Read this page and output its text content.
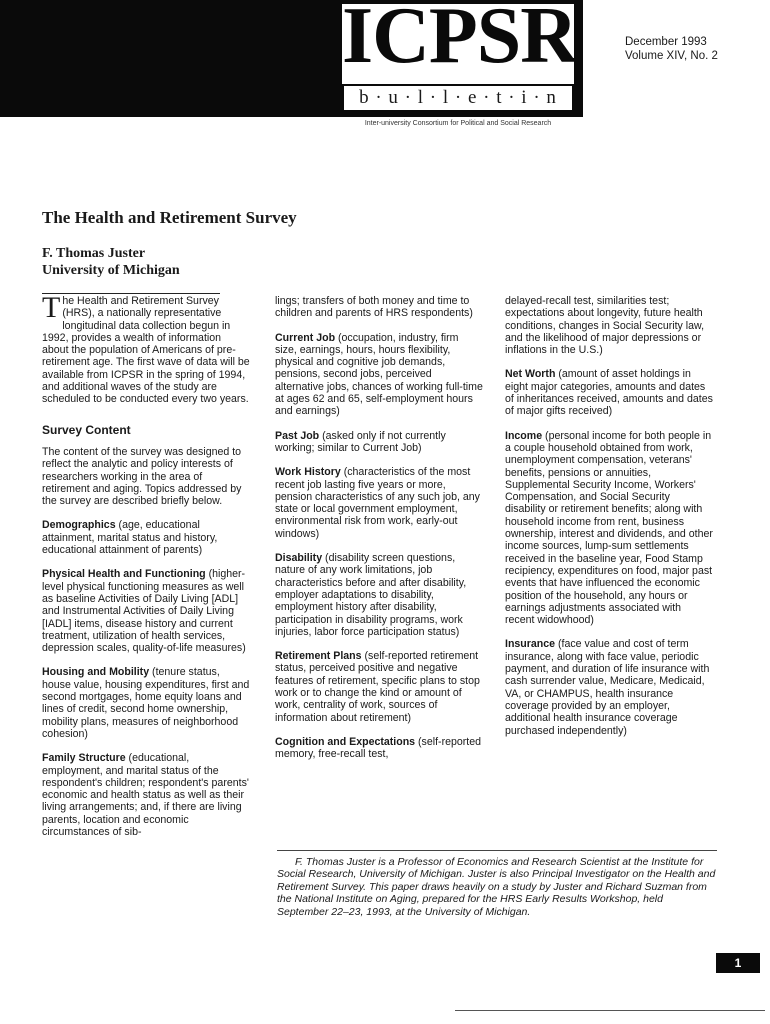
ICPSR
b · u · l · l · e · t · i · n
Inter-university Consortium for Political and Social Research
December 1993
Volume XIV, No. 2
The Health and Retirement Survey
F. Thomas Juster
University of Michigan

The Health and Retirement Survey (HRS), a nationally representative longitudinal data collection begun in 1992, provides a wealth of information about the population of Americans of pre-retirement age. The first wave of data will be available from ICPSR in the spring of 1994, and additional waves of the study are scheduled to be conducted every two years.

Survey Content

The content of the survey was designed to reflect the analytic and policy interests of researchers working in the area of retirement and aging. Topics addressed by the survey are described briefly below.

Demographics (age, educational attainment, marital status and history, educational attainment of parents)

Physical Health and Functioning (higher-level physical functioning measures as well as baseline Activities of Daily Living [ADL] and Instrumental Activities of Daily Living [IADL] items, disease history and current treatment, utilization of health services, depression scales, quality-of-life measures)

Housing and Mobility (tenure status, house value, housing expenditures, first and second mortgages, home equity loans and lines of credit, second home ownership, mobility plans, measures of neighborhood cohesion)

Family Structure (educational, employment, and marital status of the respondent's children; respondent's parents' economic and health status as well as their living arrangements; and, if there are living parents, location and economic circumstances of sib-

lings; transfers of both money and time to children and parents of HRS respondents)

Current Job (occupation, industry, firm size, earnings, hours, hours flexibility, physical and cognitive job demands, pensions, second jobs, perceived alternative jobs, chances of working full-time at ages 62 and 65, self-employment hours and earnings)

Past Job (asked only if not currently working; similar to Current Job)

Work History (characteristics of the most recent job lasting five years or more, pension characteristics of any such job, any state or local government employment, environmental risk from work, early-out windows)

Disability (disability screen questions, nature of any work limitations, job characteristics before and after disability, employer adaptations to disability, employment history after disability, participation in disability programs, work injuries, labor force participation status)

Retirement Plans (self-reported retirement status, perceived positive and negative features of retirement, specific plans to stop work or to change the kind or amount of work, centrality of work, sources of information about retirement)

Cognition and Expectations (self-reported memory, free-recall test,

delayed-recall test, similarities test; expectations about longevity, future health conditions, changes in Social Security law, and the likelihood of major depressions or inflations in the U.S.)

Net Worth (amount of asset holdings in eight major categories, amounts and dates of inheritances received, amounts and dates of major gifts received)

Income (personal income for both people in a couple household obtained from work, unemployment compensation, veterans' benefits, pensions or annuities, Supplemental Security Income, Workers' Compensation, and Social Security disability or retirement benefits; along with household income from rent, business ownership, interest and dividends, and other income sources, lump-sum settlements received in the baseline year, Food Stamp recipiency, expenditures on food, major past events that have influenced the economic position of the household, any hours or earnings adjustments associated with recent widowhood)

Insurance (face value and cost of term insurance, along with face value, periodic payment, and duration of life insurance with cash surrender value, Medicare, Medicaid, VA, or CHAMPUS, health insurance coverage provided by an employer, additional health insurance coverage purchased independently)

F. Thomas Juster is a Professor of Economics and Research Scientist at the Institute for Social Research, University of Michigan. Juster is also Principal Investigator on the Health and Retirement Survey. This paper draws heavily on a study by Juster and Richard Suzman from the National Institute on Aging, prepared for the HRS Early Results Workshop, held September 22–23, 1993, at the University of Michigan.
1
